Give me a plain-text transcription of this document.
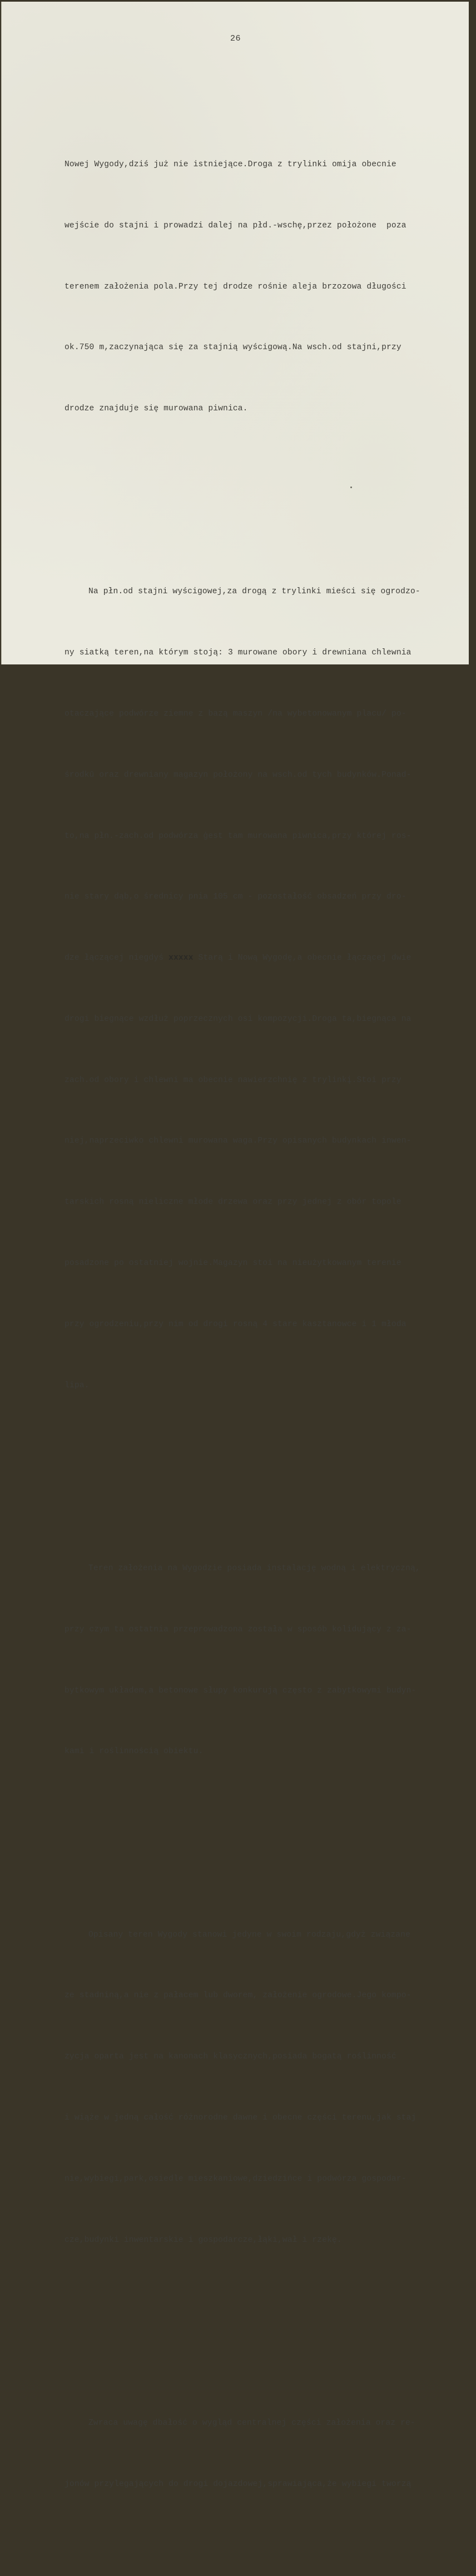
26

Nowej Wygody,dziś już nie istniejące.Droga z trylinki omija obecnie

wejście do stajni i prowadzi dalej na płd.-wschę,przez położone  poza

terenem założenia pola.Przy tej drodze rośnie aleja brzozowa długości

ok.750 m,zaczynająca się za stajnią wyścigową.Na wsch.od stajni,przy

drodze znajduje się murowana piwnica.

Na płn.od stajni wyścigowej,za drogą z trylinki mieści się ogrodzo-

ny siatką teren,na którym stoją: 3 murowane obory i drewniana chlewnia

otaczające podwórze ziemne z bazą maszyn /na wybetonowanym placu/ po-

środkū oraz drewniany magazyn położony na wsch.od tych budynków.Ponad-

to,na płn.-zach.od podwórza ģest tam murowana piwnica,przy której ros-

nie stary dąb,o średnicy pnia 105 cm - pozostałość obsadzeń przy dro-

dze łączącej niegdyś xxxxx Starą i Nową Wygodę,a obecnie łączącej dwie

drogi biegnące wzdłuż poprzecznych osi kompozycji.Droga ta,biegnąca na

zach.od obory i chlewni ma obecnie nawierzchnię z trylinkį.Stoi przy

niej,naprzeciwko chlewni murowana waga.Przy opisanych budynkach inwen-

tarskich rosną nieliczne młode drzewa oraz przy jednej z obór topole

posadzone po ostatniej wojnie.Magazyn stoi na nieużytkowanym terenie

przy ogrodzeniu,przy nim od drogi rosną 4 stare kasztanowce i 1 młoda

lipa.

Teren założenia na Wygodzie posiada instalację wodną i elektryczną,

przy czym ta ostatnia przeprowadzona została w sposób kolidujący z za-

bytkowym układem,a betonowe słupy konkurują często z zabytkowymi budyn-

kami i roślinnością obiektu.

Opisany teren Wygody stanowi jedyne w swoim rodzaju,gdyż związane

ze stadniną,a nie z pałacem lub dworem, założenie ogrodowe.Jego kompo-

zycja oparta jest na kanonach klasycznych,posiada bogatą roślinność

i wiąże w jedną całość różnorodne dawne i obecne części terenu,jak staj

nie,wybiegi,park,osiedle mieszkaniowe,dziedzińce i podwórza gospodar-

cze,budynki inwentarskie i gospodarcze,łąki,wał i rzekę.

Zwraca uwagę dbałość o wygląd centralnej części założenia oraz re-

jonów przylegających do drogi dojazdowej,sprawiająca,że wybiegi tworzą
